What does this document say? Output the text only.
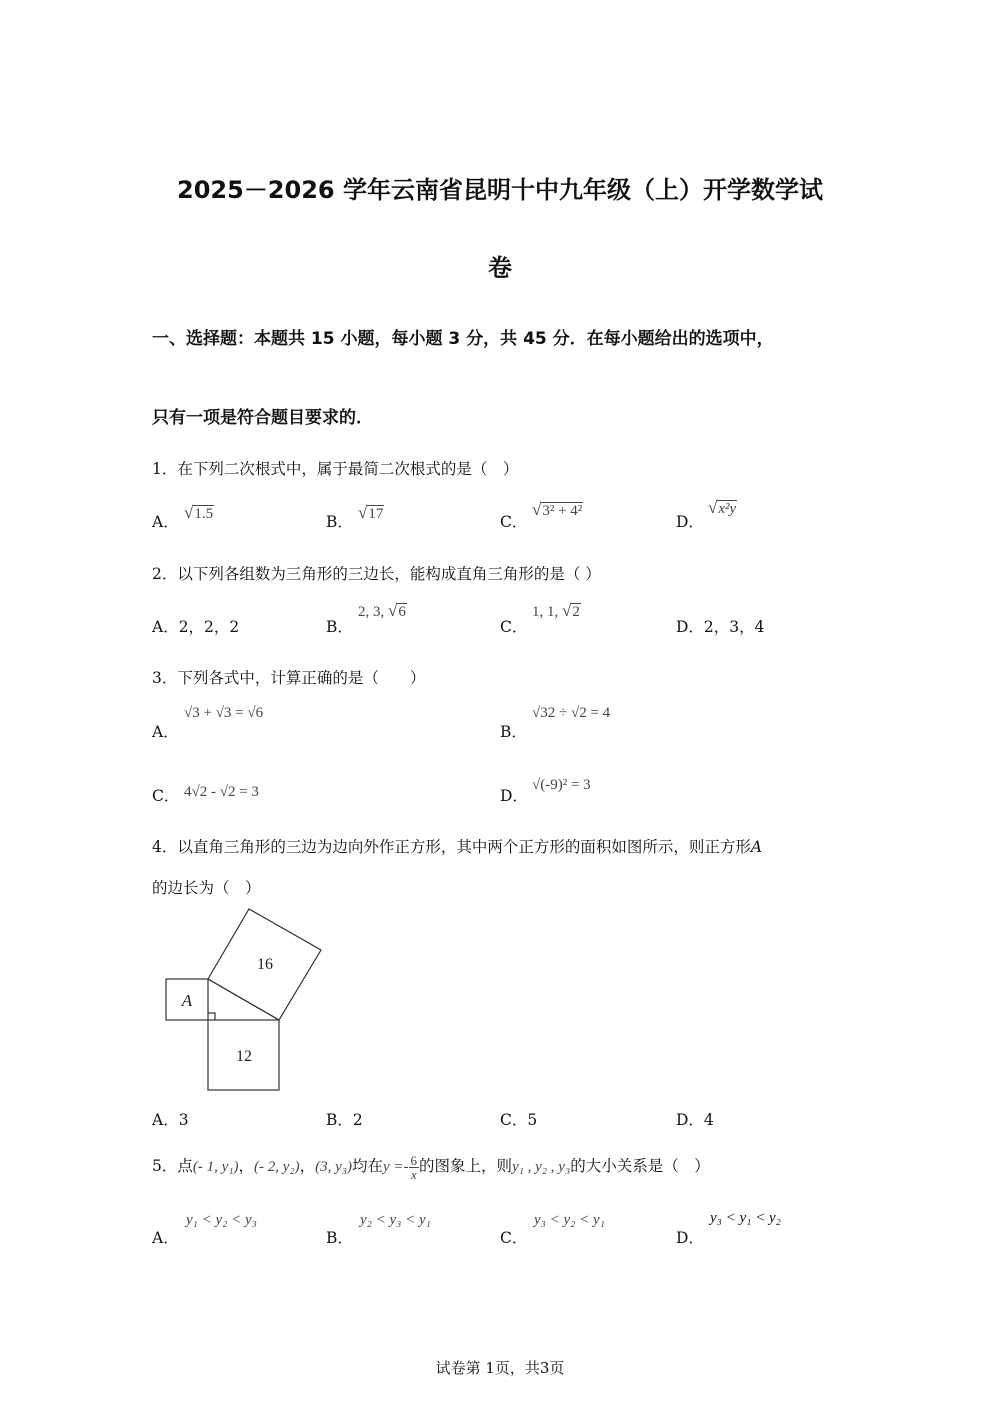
2025－2026 学年云南省昆明十中九年级（上）开学数学试
卷
一、选择题：本题共 15 小题，每小题 3 分，共 45 分．在每小题给出的选项中，
只有一项是符合题目要求的．
1．在下列二次根式中，属于最简二次根式的是（　）
A． √1.5	B． √17	C．
√3² + 4²
D．
√x²y
2．以下列各组数为三角形的三边长，能构成直角三角形的是（ ）
A．2，2，2	B．
2, 3, √6
C．
1, 1, √2
D．2，3，4
3．下列各式中，计算正确的是（　　）
A．
√3 + √3 = √6
B．
√32 ÷ √2 = 4
C． 4√2 - √2 = 3	D．
√(-9)² = 3
4．以直角三角形的三边为边向外作正方形，其中两个正方形的面积如图所示，则正方形A
的边长为（　）
A
16
12
A．3	B．2	C．5	D．4
5．点(- 1, y₁)，(- 2, y₂)，(3, y₃)均在$y =- \frac{6}{x}$ 的图象上，则y₁ , y₂ , y₃的大小关系是（　）
A．
y₁ < y₂ < y₃
B．
y₂ < y₃ < y₁
C．
y₃ < y₂ < y₁
D．
y₃ < y₁ < y₂
试卷第 1页，共3页
